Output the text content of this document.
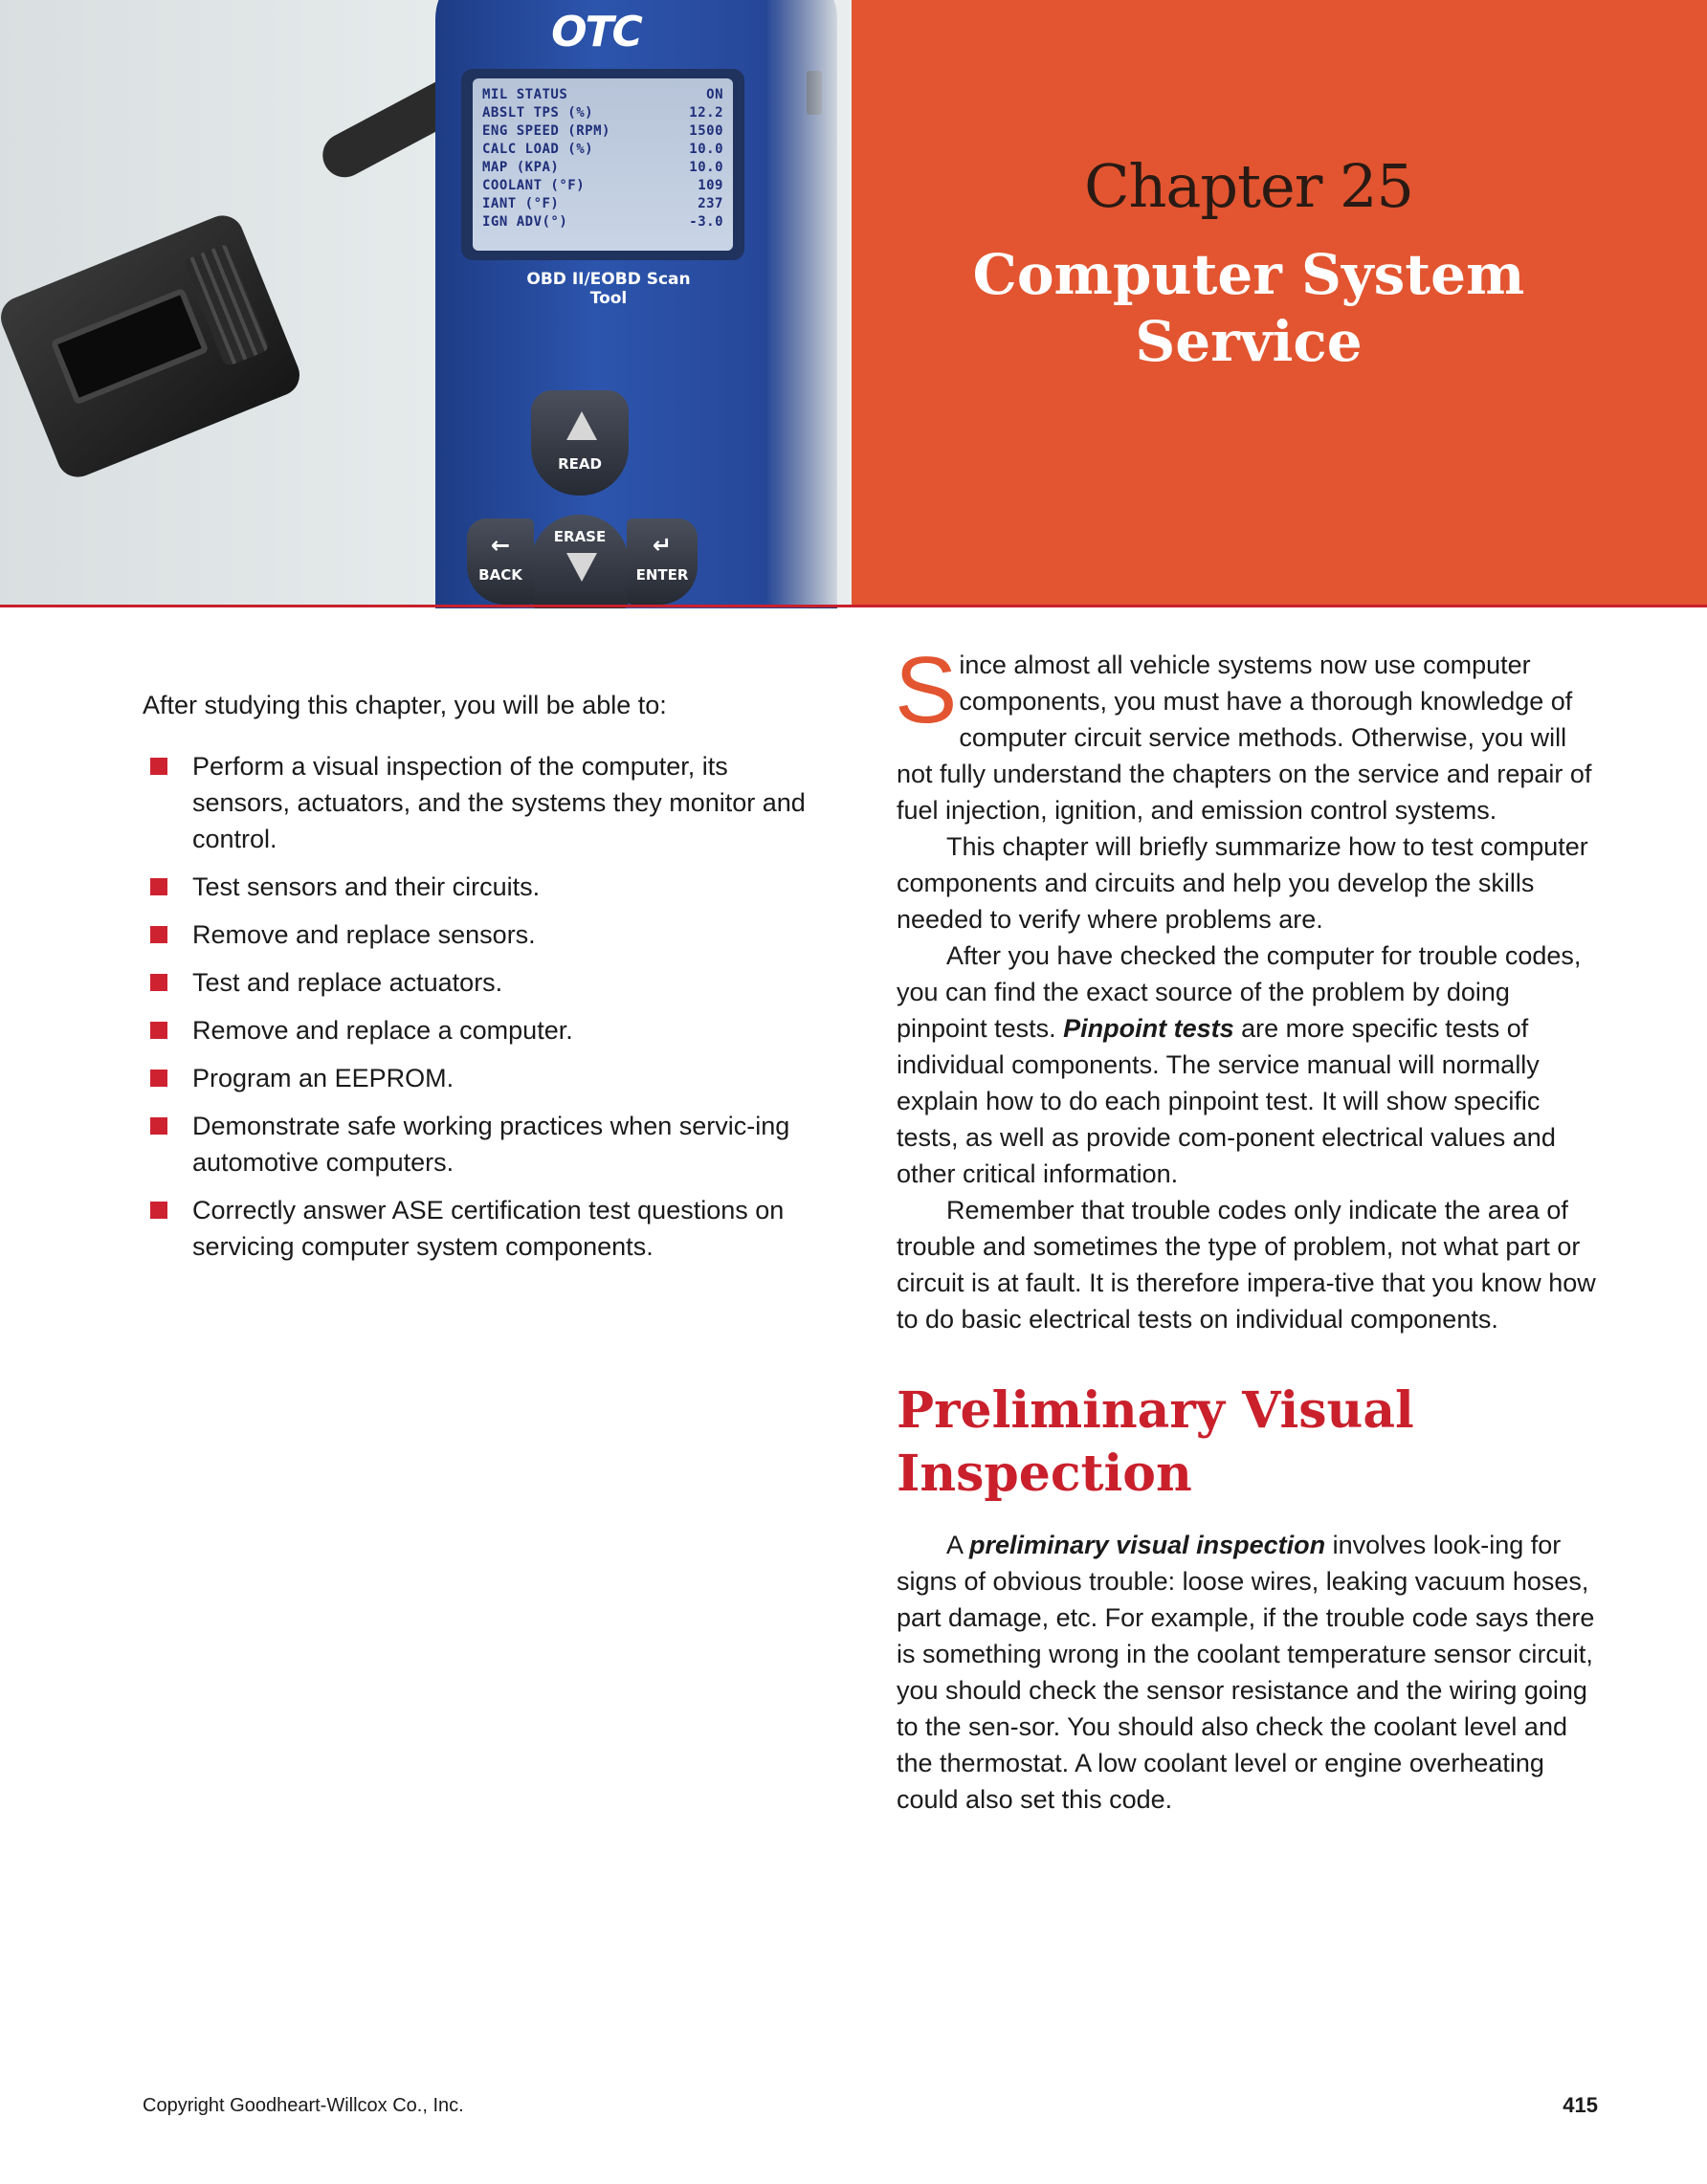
OTC
MIL STATUS	ON
ABSLT TPS (%)	12.2
ENG SPEED (RPM)	1500
CALC LOAD (%)	10.0
MAP (KPA)	10.0
COOLANT (°F)	109
IANT (°F)	237
IGN ADV(°)	-3.0
OBD II/EOBD Scan Tool
READ
ERASE
←
BACK
↵
ENTER
Chapter 25
Computer System
Service
After studying this chapter, you will be able to:
Perform a visual inspection of the computer, its sensors, actuators, and the systems they monitor and control.
Test sensors and their circuits.
Remove and replace sensors.
Test and replace actuators.
Remove and replace a computer.
Program an EEPROM.
Demonstrate safe working practices when servic-ing automotive computers.
Correctly answer ASE certification test questions on servicing computer system components.

S ince almost all vehicle systems now use computer components, you must have a thorough knowledge of computer circuit service methods. Otherwise, you will not fully understand the chapters on the service and repair of fuel injection, ignition, and emission control systems.

This chapter will briefly summarize how to test computer components and circuits and help you develop the skills needed to verify where problems are.

After you have checked the computer for trouble codes, you can find the exact source of the problem by doing pinpoint tests. Pinpoint tests are more specific tests of individual components. The service manual will normally explain how to do each pinpoint test. It will show specific tests, as well as provide com-ponent electrical values and other critical information.

Remember that trouble codes only indicate the area of trouble and sometimes the type of problem, not what part or circuit is at fault. It is therefore impera-tive that you know how to do basic electrical tests on individual components.

Preliminary Visual
Inspection

A preliminary visual inspection involves look-ing for signs of obvious trouble: loose wires, leaking vacuum hoses, part damage, etc. For example, if the trouble code says there is something wrong in the coolant temperature sensor circuit, you should check the sensor resistance and the wiring going to the sen-sor. You should also check the coolant level and the thermostat. A low coolant level or engine overheating could also set this code.

Copyright Goodheart-Willcox Co., Inc.	415
